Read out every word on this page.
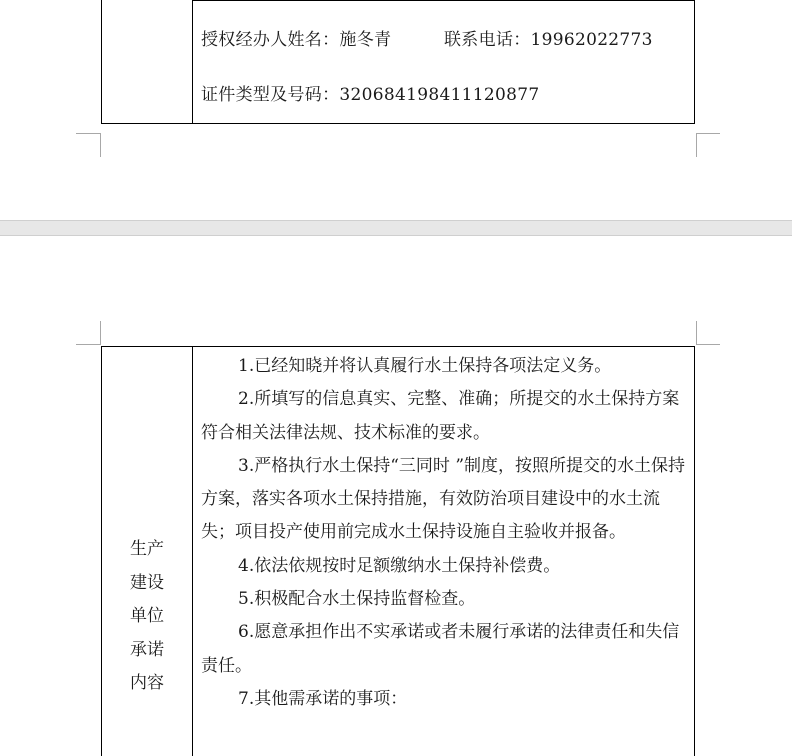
授权经办人姓名：施冬青	联系电话：19962022773
证件类型及号码：320684198411120877
生产
建设
单位
承诺
内容

1.已经知晓并将认真履行水土保持各项法定义务。

2.所填写的信息真实、完整、准确；所提交的水土保持方案符合相关法律法规、技术标准的要求。

3.严格执行水土保持“三同时 ”制度，按照所提交的水土保持方案，落实各项水土保持措施，有效防治项目建设中的水土流失；项目投产使用前完成水土保持设施自主验收并报备。

4.依法依规按时足额缴纳水土保持补偿费。

5.积极配合水土保持监督检查。

6.愿意承担作出不实承诺或者未履行承诺的法律责任和失信责任。

7.其他需承诺的事项：
